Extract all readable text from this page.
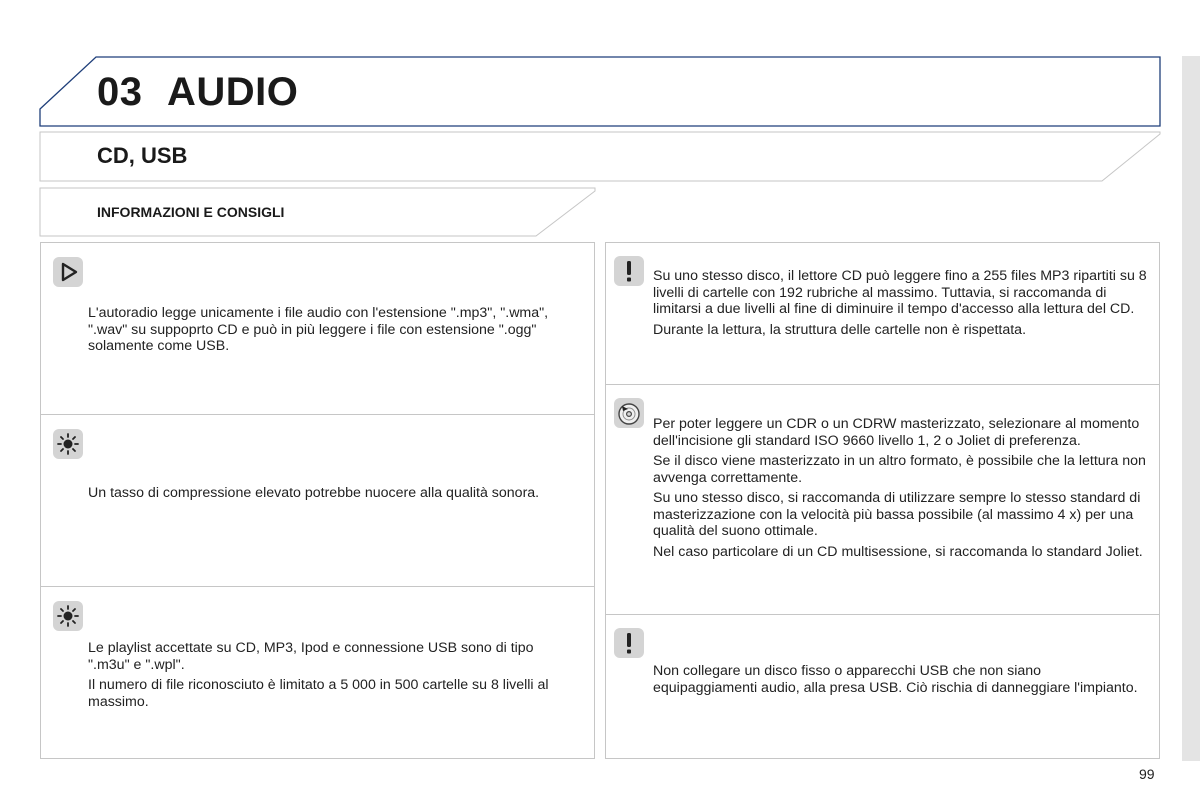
03 AUDIO
CD, USB
INFORMAZIONI E CONSIGLI

L'autoradio legge unicamente i file audio con l'estensione ".mp3", ".wma", ".wav" su suppoprto CD e può in più leggere i file con estensione ".ogg" solamente come USB.

Un tasso di compressione elevato potrebbe nuocere alla qualità sonora.

Le playlist accettate su CD, MP3, Ipod e connessione USB sono di tipo ".m3u" e ".wpl".

Il numero di file riconosciuto è limitato a 5 000 in 500 cartelle su 8 livelli al massimo.

Su uno stesso disco, il lettore CD può leggere fino a 255 files MP3 ripartiti su 8 livelli di cartelle con 192 rubriche al massimo. Tuttavia, si raccomanda di limitarsi a due livelli al fine di diminuire il tempo d'accesso alla lettura del CD.

Durante la lettura, la struttura delle cartelle non è rispettata.

Per poter leggere un CDR o un CDRW masterizzato, selezionare al momento dell'incisione gli standard ISO 9660 livello 1, 2 o Joliet di preferenza.

Se il disco viene masterizzato in un altro formato, è possibile che la lettura non avvenga correttamente.

Su uno stesso disco, si raccomanda di utilizzare sempre lo stesso standard di masterizzazione con la velocità più bassa possibile (al massimo 4 x) per una qualità del suono ottimale.

Nel caso particolare di un CD multisessione, si raccomanda lo standard Joliet.

Non collegare un disco fisso o apparecchi USB che non siano equipaggiamenti audio, alla presa USB. Ciò rischia di danneggiare l'impianto.

99
